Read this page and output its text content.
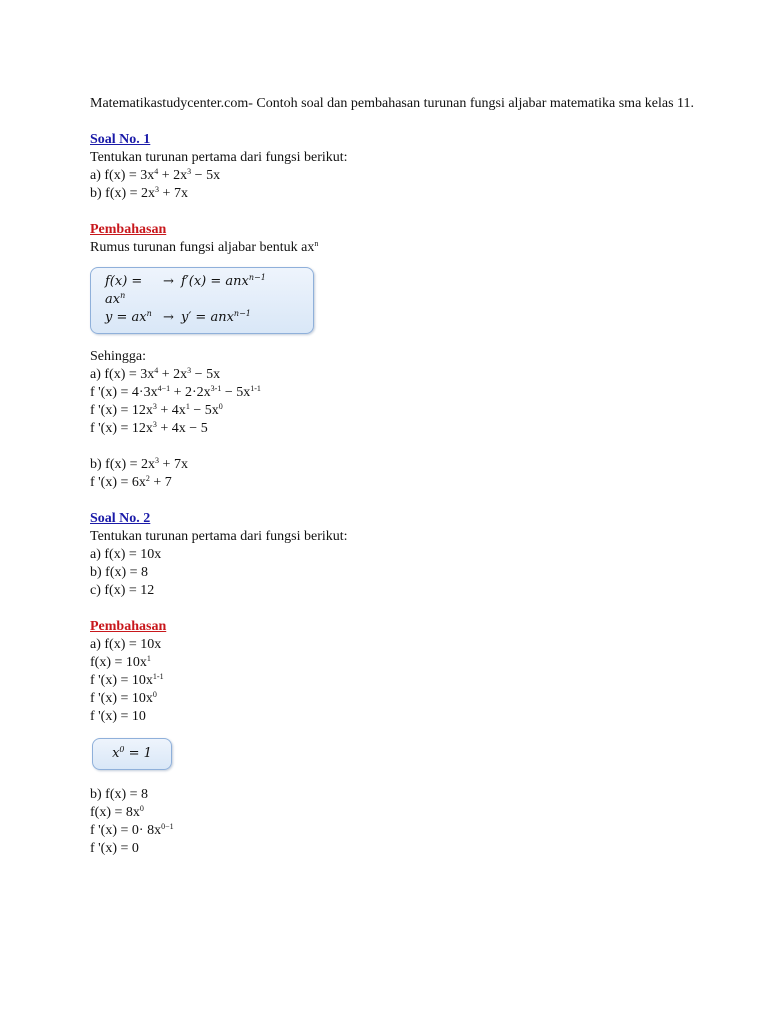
Matematikastudycenter.com- Contoh soal dan pembahasan turunan fungsi aljabar matematika sma kelas 11.

Soal No. 1

Tentukan turunan pertama dari fungsi berikut:

a) $f(x) = 3x^4 + 2x^3 - 5x$

b) $f(x) = 2x^3 + 7x$

Pembahasan

Rumus turunan fungsi aljabar bentuk $ax^n$

$f(x) = ax^n$
→ f′(x) = anx$^{n-1}$
$y = ax^n \to y' = anx^{n-1}$

Sehingga:

a) $f(x) = 3x^4 + 2x^3 - 5x$

f '$(x) = 4\cdot 3x^{4-1} + 2\cdot 2x^{3-1} - 5x^{1-1}$

f '$(x) = 12x^3 + 4x^1 - 5x^0$

f '$(x) = 12x^3 + 4x - 5$

b) $f(x) = 2x^3 + 7x$

f '$(x) = 6x^2 + 7$

Soal No. 2

Tentukan turunan pertama dari fungsi berikut:

a) f(x) = 10x

b) f(x) = 8

c) f(x) = 12

Pembahasan

a) f(x) = 10x

$f(x) = 10x^1$

f '$(x) = 10x^{1-1}$

f '$(x) = 10x^0$

f '(x) = 10

$x^0 = 1$

b) f(x) = 8

$f(x) = 8x^0$

f '$(x) = 0\cdot 8x^{0-1}$

f '(x) = 0
